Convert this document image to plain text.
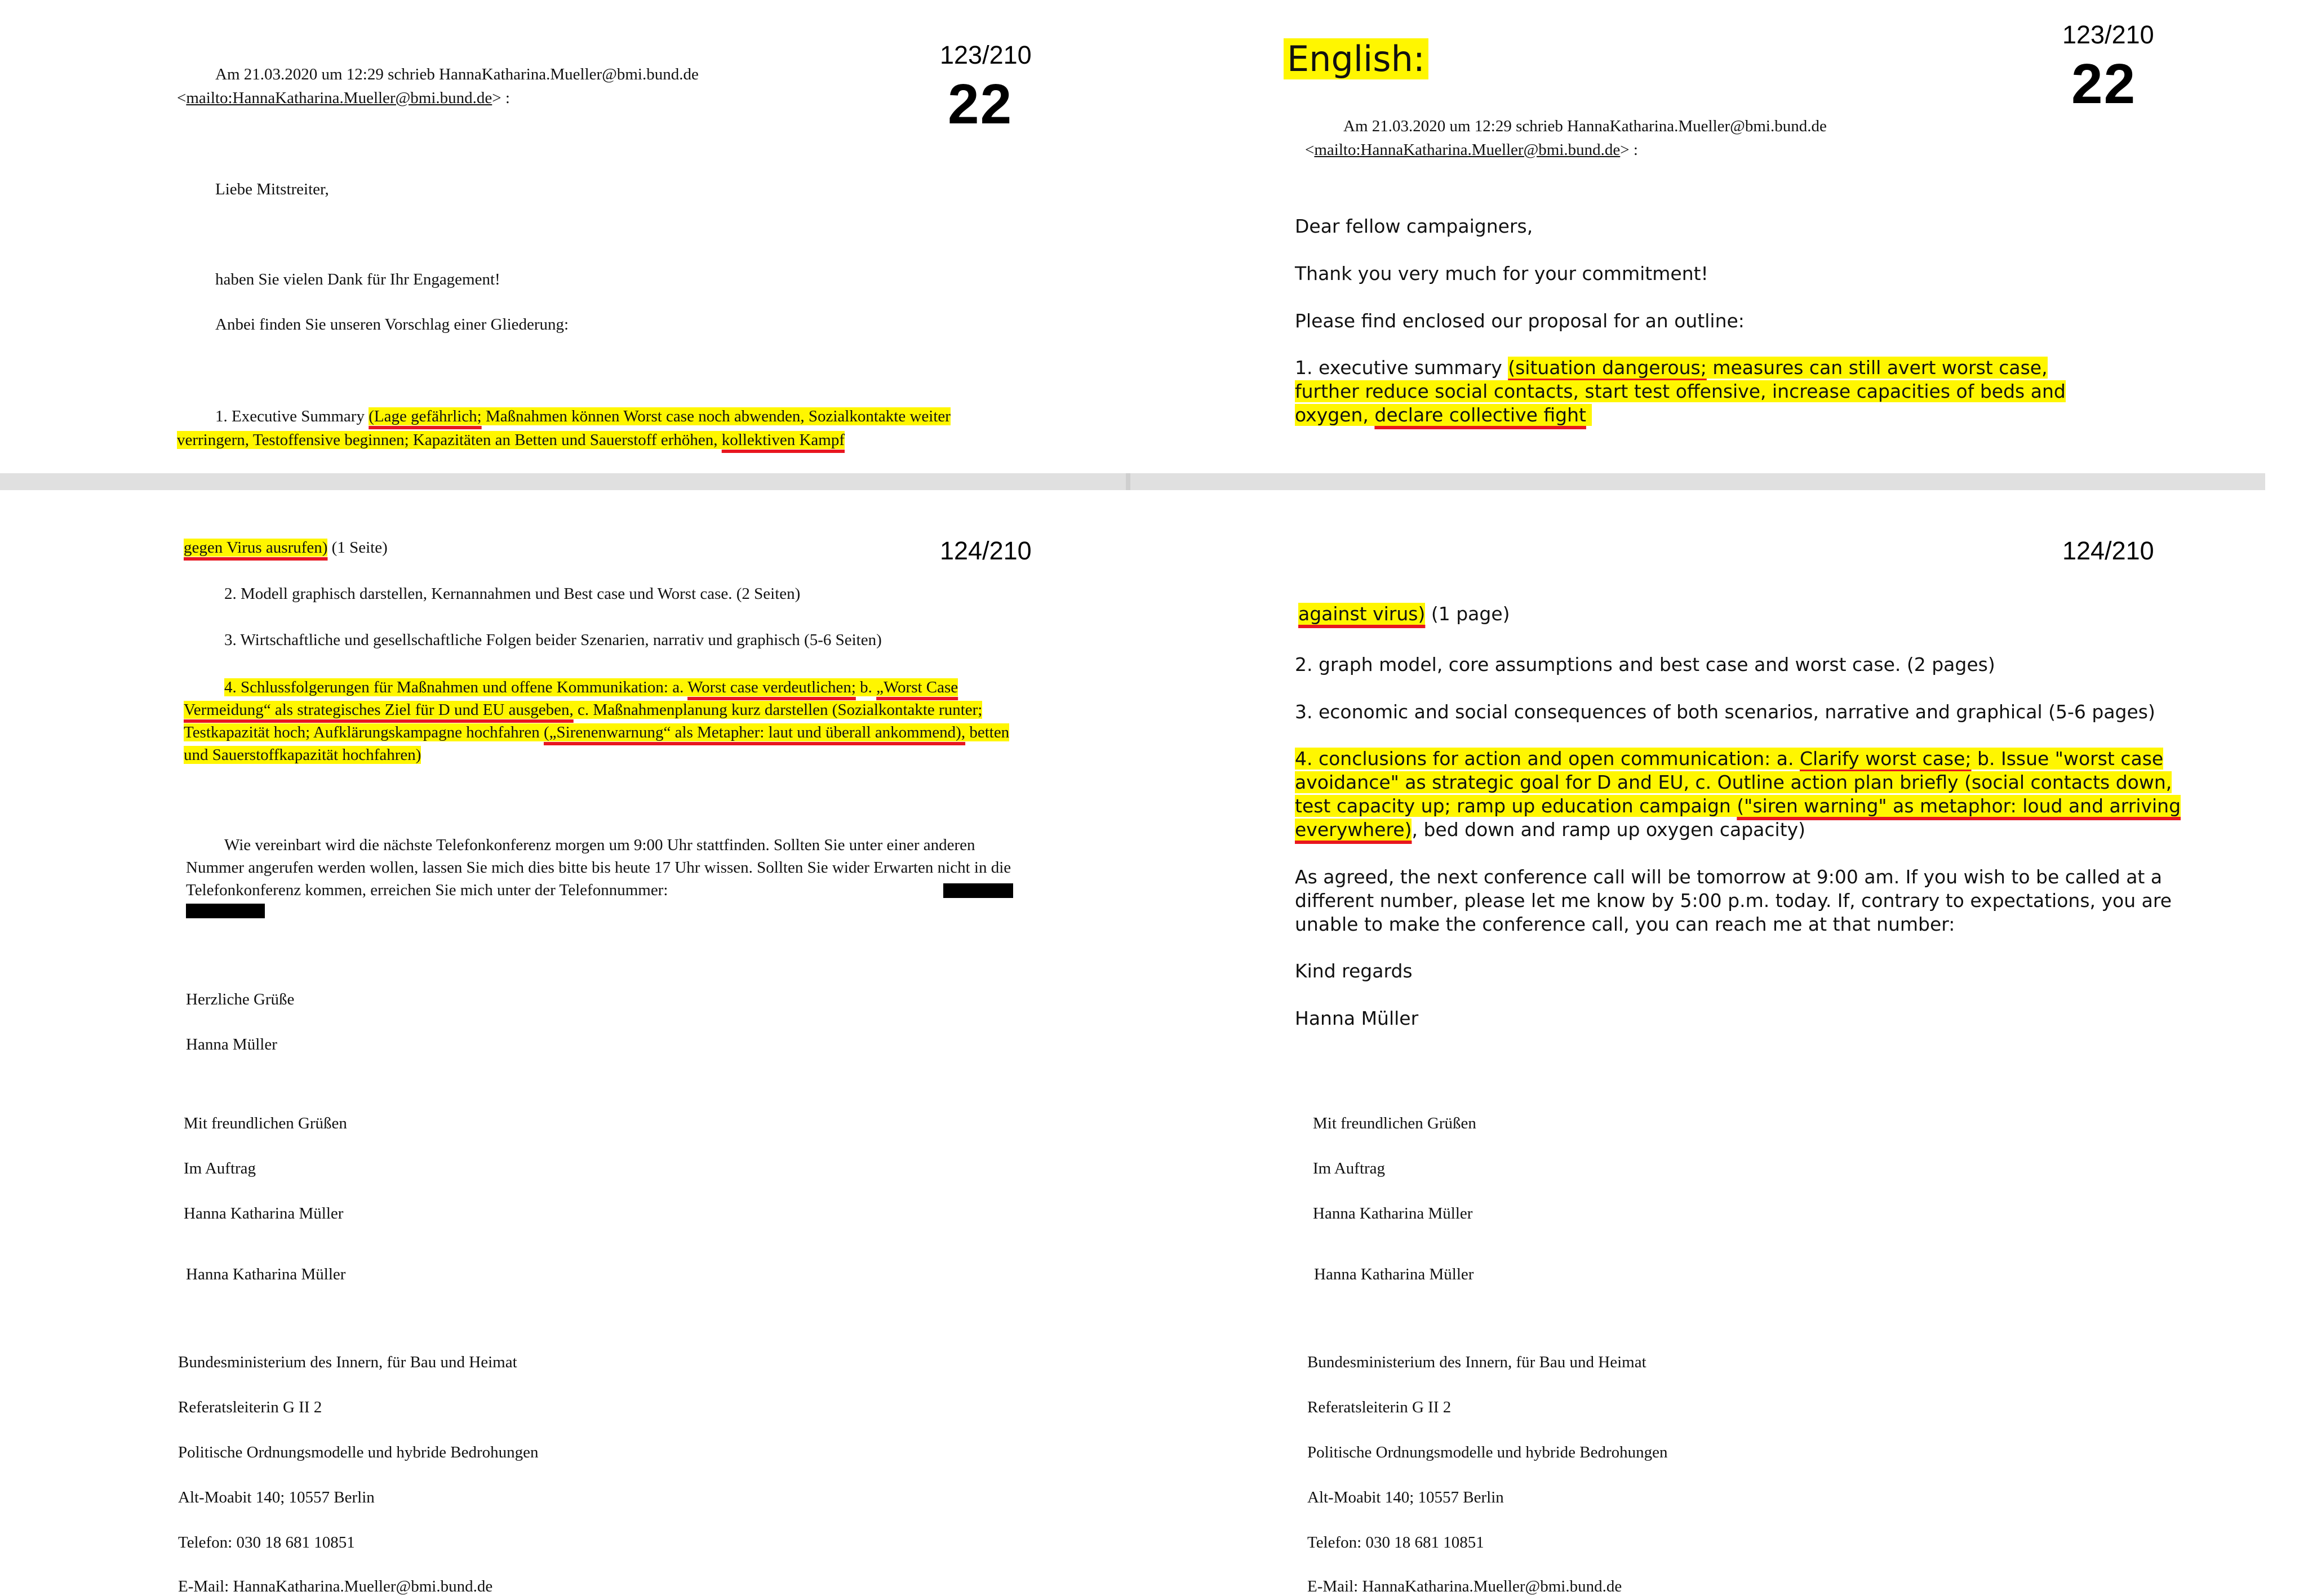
123/210
22

Am 21.03.2020 um 12:29 schrieb HannaKatharina.Mueller@bmi.bund.de

<mailto:HannaKatharina.Mueller@bmi.bund.de> :
Liebe Mitstreiter,
haben Sie vielen Dank für Ihr Engagement!
Anbei finden Sie unseren Vorschlag einer Gliederung:
1. Executive Summary (Lage gefährlich; Maßnahmen können Worst case noch abwenden, Sozialkontakte weiter verringern, Testoffensive beginnen; Kapazitäten an Betten und Sauerstoff erhöhen, kollektiven Kampf
English:
123/210
22

Am 21.03.2020 um 12:29 schrieb HannaKatharina.Mueller@bmi.bund.de

<mailto:HannaKatharina.Mueller@bmi.bund.de> :
Dear fellow campaigners,
Thank you very much for your commitment!
Please find enclosed our proposal for an outline:
1. executive summary (situation dangerous; measures can still avert worst case, further reduce social contacts, start test offensive, increase capacities of beds and oxygen, declare collective fight
124/210
gegen Virus ausrufen) (1 Seite)
2. Modell graphisch darstellen, Kernannahmen und Best case und Worst case. (2 Seiten)
3. Wirtschaftliche und gesellschaftliche Folgen beider Szenarien, narrativ und graphisch (5-6 Seiten)
4. Schlussfolgerungen für Maßnahmen und offene Kommunikation: a. Worst case verdeutlichen; b. „Worst Case Vermeidung“ als strategisches Ziel für D und EU ausgeben, c. Maßnahmenplanung kurz darstellen (Sozialkontakte runter; Testkapazität hoch; Aufklärungskampagne hochfahren („Sirenenwarnung“ als Metapher: laut und überall ankommend), betten und Sauerstoffkapazität hochfahren)
Wie vereinbart wird die nächste Telefonkonferenz morgen um 9:00 Uhr stattfinden. Sollten Sie unter einer anderen Nummer angerufen werden wollen, lassen Sie mich dies bitte bis heute 17 Uhr wissen. Sollten Sie wider Erwarten nicht in die Telefonkonferenz kommen, erreichen Sie mich unter der Telefonnummer:
Herzliche Grüße
Hanna Müller
Mit freundlichen Grüßen
Im Auftrag
Hanna Katharina Müller
Hanna Katharina Müller
Bundesministerium des Innern, für Bau und Heimat
Referatsleiterin G II 2
Politische Ordnungsmodelle und hybride Bedrohungen
Alt-Moabit 140; 10557 Berlin
Telefon: 030 18 681 10851
E-Mail: HannaKatharina.Mueller@bmi.bund.de
124/210
against virus) (1 page)
2. graph model, core assumptions and best case and worst case. (2 pages)
3. economic and social consequences of both scenarios, narrative and graphical (5-6 pages)
4. conclusions for action and open communication: a. Clarify worst case; b. Issue "worst case avoidance" as strategic goal for D and EU, c. Outline action plan briefly (social contacts down, test capacity up; ramp up education campaign ("siren warning" as metaphor: loud and arriving everywhere), bed down and ramp up oxygen capacity)
As agreed, the next conference call will be tomorrow at 9:00 am. If you wish to be called at a different number, please let me know by 5:00 p.m. today. If, contrary to expectations, you are unable to make the conference call, you can reach me at that number:
Kind regards
Hanna Müller
Mit freundlichen Grüßen
Im Auftrag
Hanna Katharina Müller
Hanna Katharina Müller
Bundesministerium des Innern, für Bau und Heimat
Referatsleiterin G II 2
Politische Ordnungsmodelle und hybride Bedrohungen
Alt-Moabit 140; 10557 Berlin
Telefon: 030 18 681 10851
E-Mail: HannaKatharina.Mueller@bmi.bund.de
